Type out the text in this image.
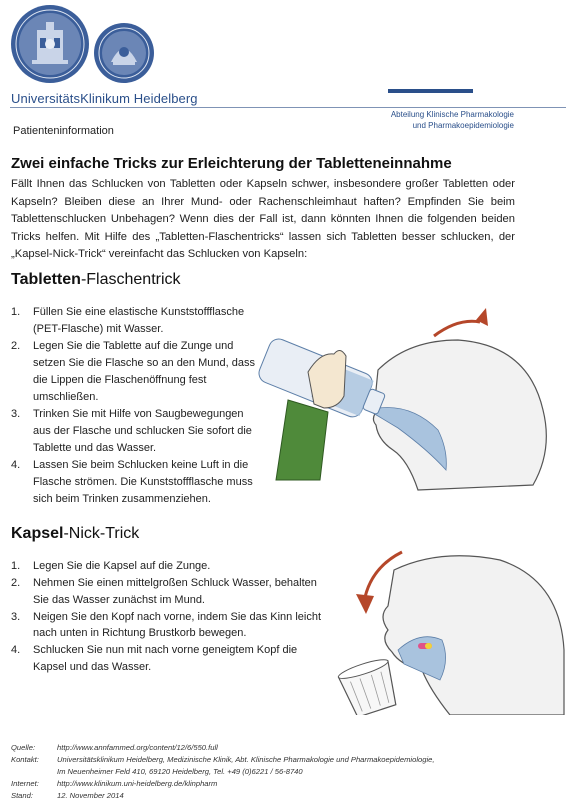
UniversitätsKlinikum Heidelberg
Abteilung Klinische Pharmakologie
und Pharmakoepidemiologie
Patienteninformation
Zwei einfache Tricks zur Erleichterung der Tabletteneinnahme

Fällt Ihnen das Schlucken von Tabletten oder Kapseln schwer, insbesondere großer Tabletten oder Kapseln? Bleiben diese an Ihrer Mund- oder Rachenschleimhaut haften? Empfinden Sie beim Tablettenschlucken Unbehagen? Wenn dies der Fall ist, dann könnten Ihnen die folgenden beiden Tricks helfen. Mit Hilfe des „Tabletten-Flaschentricks“ lassen sich Tabletten besser schlucken, der „Kapsel-Nick-Trick“ vereinfacht das Schlucken von Kapseln:

Tabletten-Flaschentrick
1. Füllen Sie eine elastische Kunststoffflasche (PET-Flasche) mit Wasser.
2. Legen Sie die Tablette auf die Zunge und setzen Sie die Flasche so an den Mund, dass die Lippen die Flaschenöffnung fest umschließen.
3. Trinken Sie mit Hilfe von Saugbewegungen aus der Flasche und schlucken Sie sofort die Tablette und das Wasser.
4. Lassen Sie beim Schlucken keine Luft in die Flasche strömen. Die Kunststoffflasche muss sich beim Trinken zusammenziehen.
Kapsel-Nick-Trick
1. Legen Sie die Kapsel auf die Zunge.
2. Nehmen Sie einen mittelgroßen Schluck Wasser, behalten Sie das Wasser zunächst im Mund.
3. Neigen Sie den Kopf nach vorne, indem Sie das Kinn leicht nach unten in Richtung Brustkorb bewegen.
4. Schlucken Sie nun mit nach vorne geneigtem Kopf die Kapsel und das Wasser.
Quelle:	http://www.annfammed.org/content/12/6/550.full
Kontakt:	Universitätsklinikum Heidelberg, Medizinische Klinik, Abt. Klinische Pharmakologie und Pharmakoepidemiologie,
Im Neuenheimer Feld 410, 69120 Heidelberg, Tel. +49 (0)6221 / 56-8740
Internet:	http://www.klinikum.uni-heidelberg.de/klinpharm
Stand:	12. November 2014
